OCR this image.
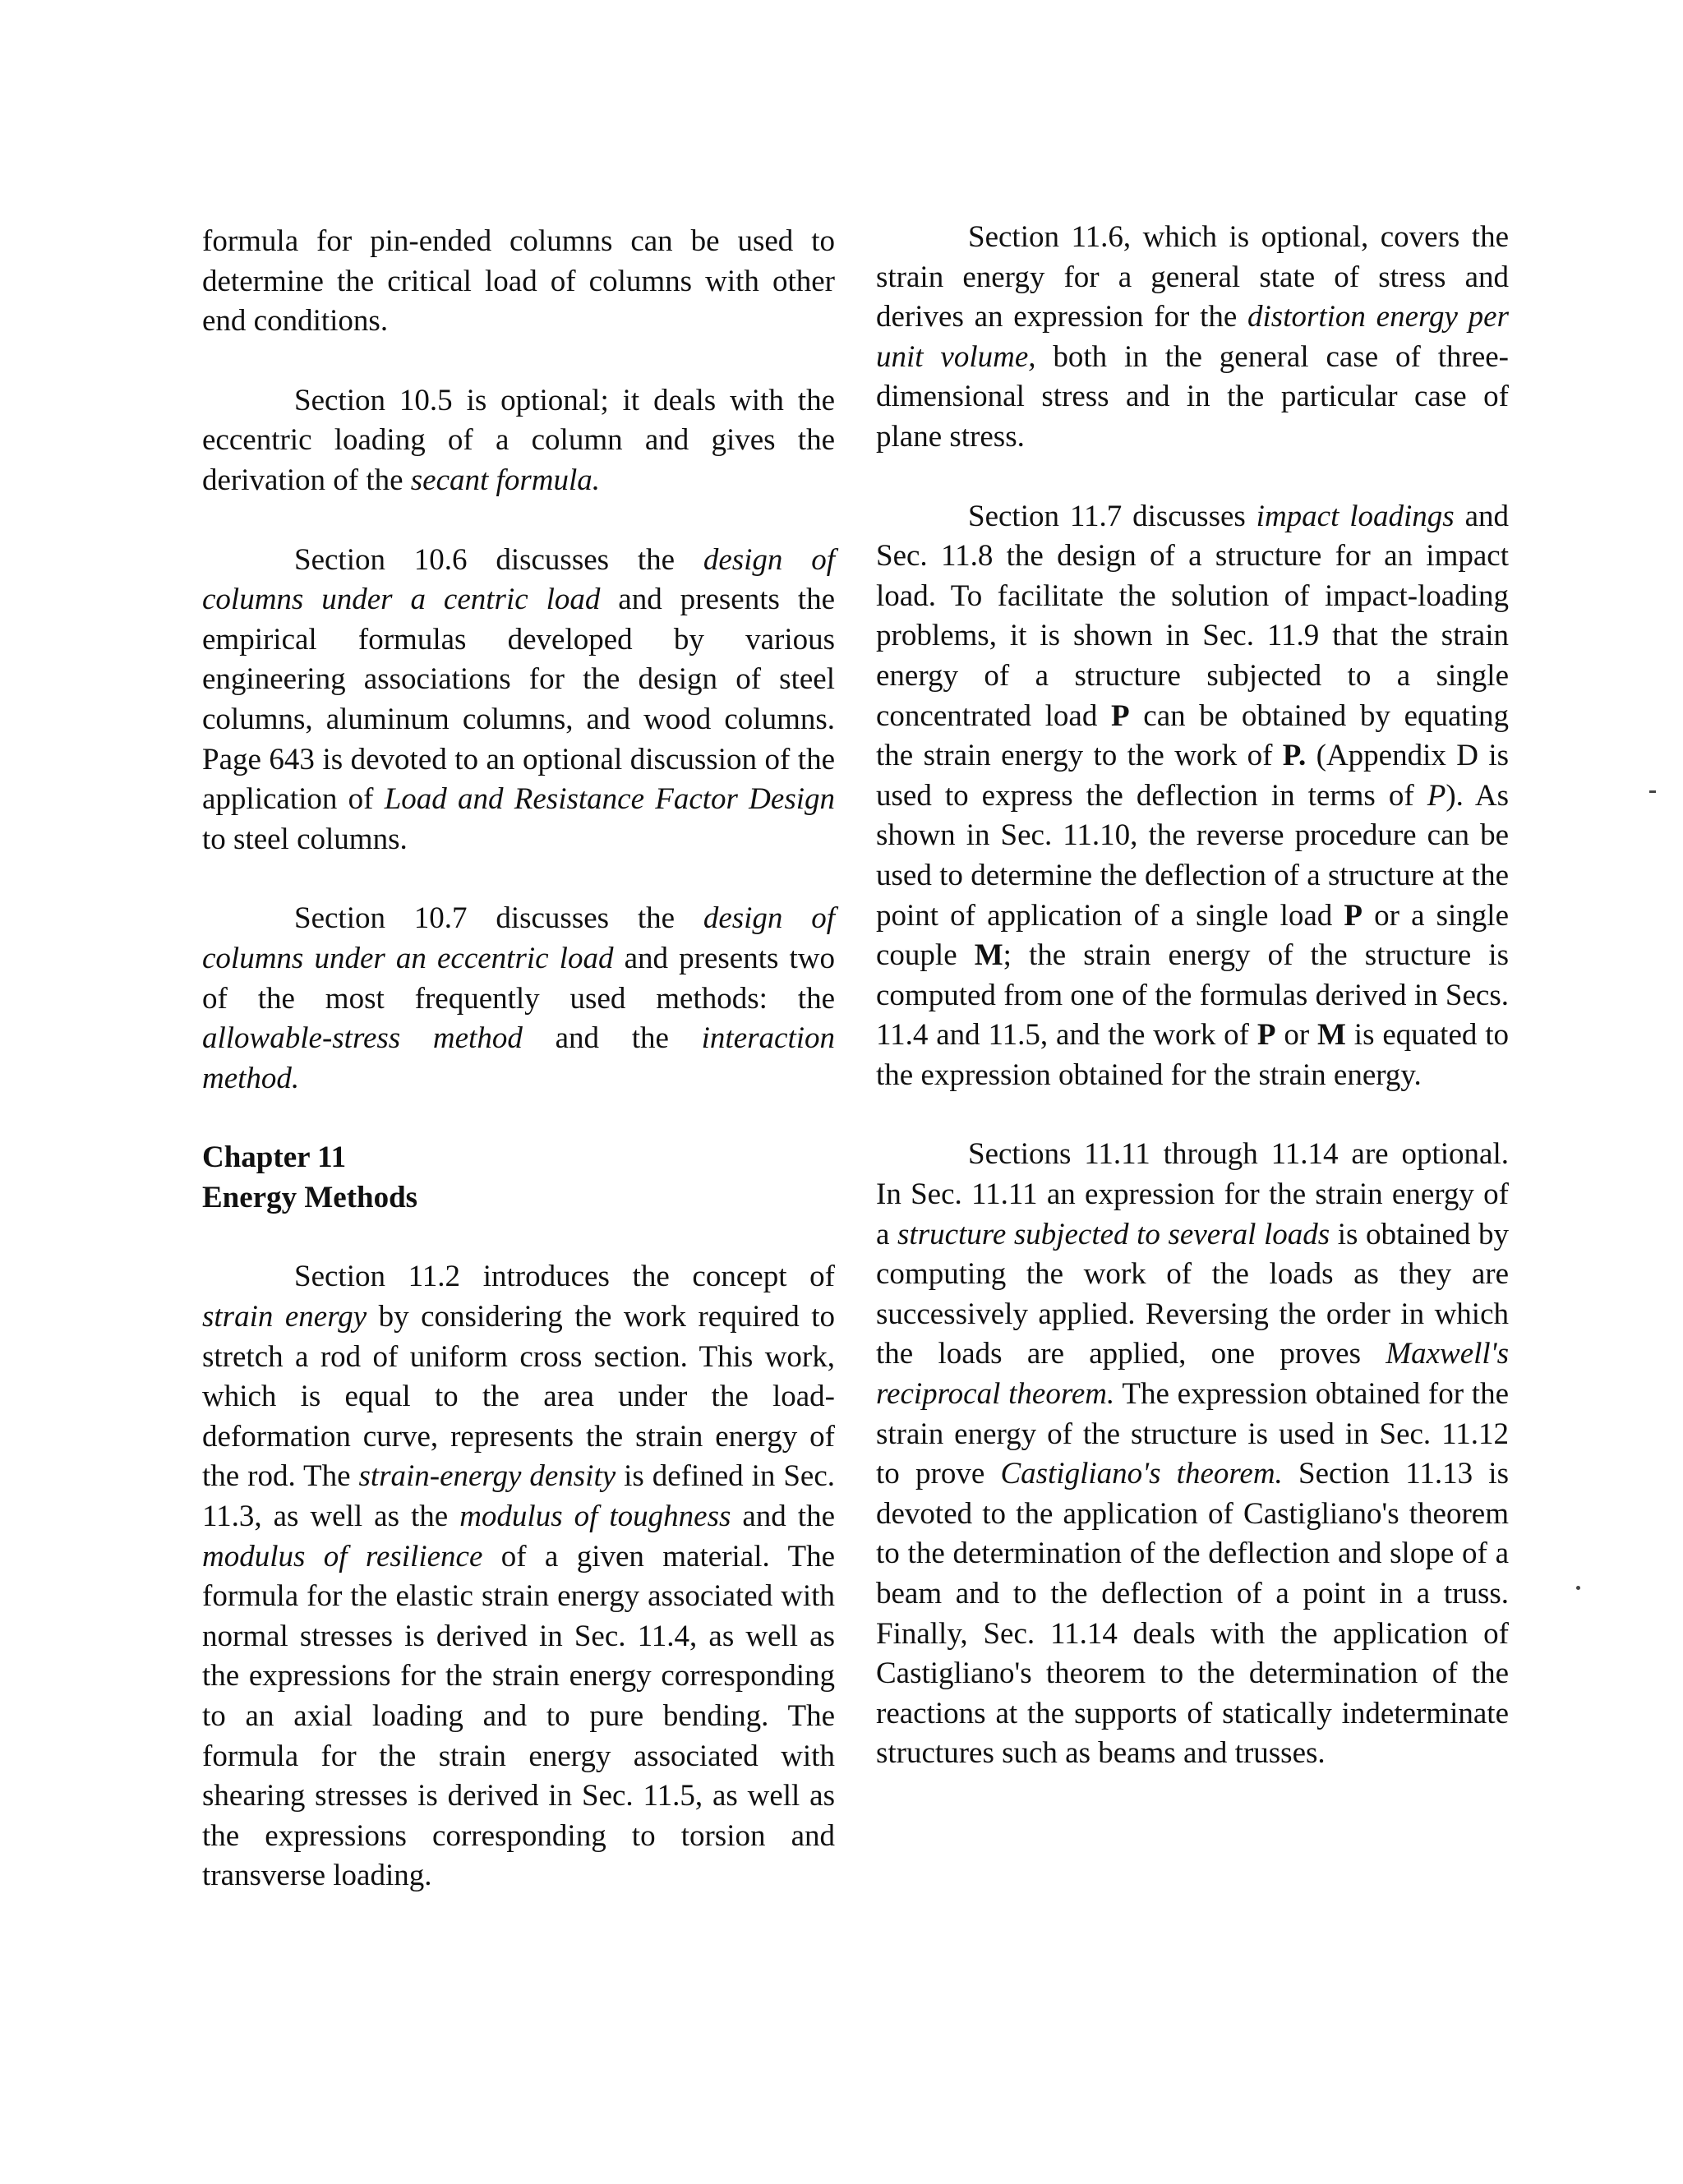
formula for pin-ended columns can be used to determine the critical load of columns with other end conditions.

Section 10.5 is optional; it deals with the eccentric loading of a column and gives the derivation of the secant formula.

Section 10.6 discusses the design of columns under a centric load and presents the empirical formulas developed by various engineering associations for the design of steel columns, aluminum columns, and wood columns. Page 643 is devoted to an optional discussion of the application of Load and Resistance Factor Design to steel columns.

Section 10.7 discusses the design of columns under an eccentric load and presents two of the most frequently used methods: the allowable-stress method and the interaction method.

Chapter 11
Energy Methods

Section 11.2 introduces the concept of strain energy by considering the work required to stretch a rod of uniform cross section. This work, which is equal to the area under the load-deformation curve, represents the strain energy of the rod. The strain-energy density is defined in Sec. 11.3, as well as the modulus of toughness and the modulus of resilience of a given material. The formula for the elastic strain energy associated with normal stresses is derived in Sec. 11.4, as well as the expressions for the strain energy corresponding to an axial loading and to pure bending. The formula for the strain energy associated with shearing stresses is derived in Sec. 11.5, as well as the expressions corresponding to torsion and transverse loading.

Section 11.6, which is optional, covers the strain energy for a general state of stress and derives an expression for the distortion energy per unit volume, both in the general case of three-dimensional stress and in the particular case of plane stress.

Section 11.7 discusses impact loadings and Sec. 11.8 the design of a structure for an impact load. To facilitate the solution of impact-loading problems, it is shown in Sec. 11.9 that the strain energy of a structure subjected to a single concentrated load P can be obtained by equating the strain energy to the work of P. (Appendix D is used to express the deflection in terms of P). As shown in Sec. 11.10, the reverse procedure can be used to determine the deflection of a structure at the point of application of a single load P or a single couple M; the strain energy of the structure is computed from one of the formulas derived in Secs. 11.4 and 11.5, and the work of P or M is equated to the expression obtained for the strain energy.

Sections 11.11 through 11.14 are optional. In Sec. 11.11 an expression for the strain energy of a structure subjected to several loads is obtained by computing the work of the loads as they are successively applied. Reversing the order in which the loads are applied, one proves Maxwell's reciprocal theorem. The expression obtained for the strain energy of the structure is used in Sec. 11.12 to prove Castigliano's theorem. Section 11.13 is devoted to the application of Castigliano's theorem to the determination of the deflection and slope of a beam and to the deflection of a point in a truss. Finally, Sec. 11.14 deals with the application of Castigliano's theorem to the determination of the reactions at the supports of statically indeterminate structures such as beams and trusses.
